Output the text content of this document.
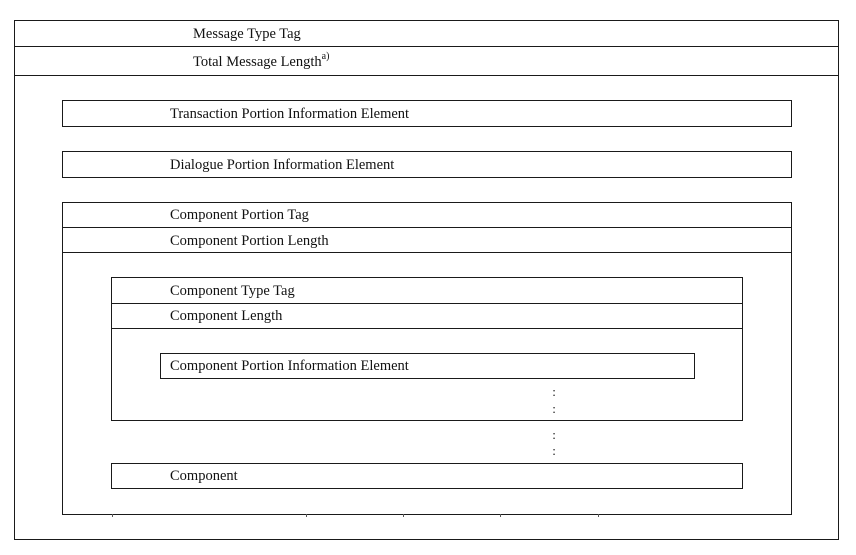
Message Type Tag
Total Message Length$^{a)}$
Transaction Portion Information Element
Dialogue Portion Information Element
Component Portion Tag
Component Portion Length
Component Type Tag
Component Length
Component Portion Information Element
:
:
:
:
Component
